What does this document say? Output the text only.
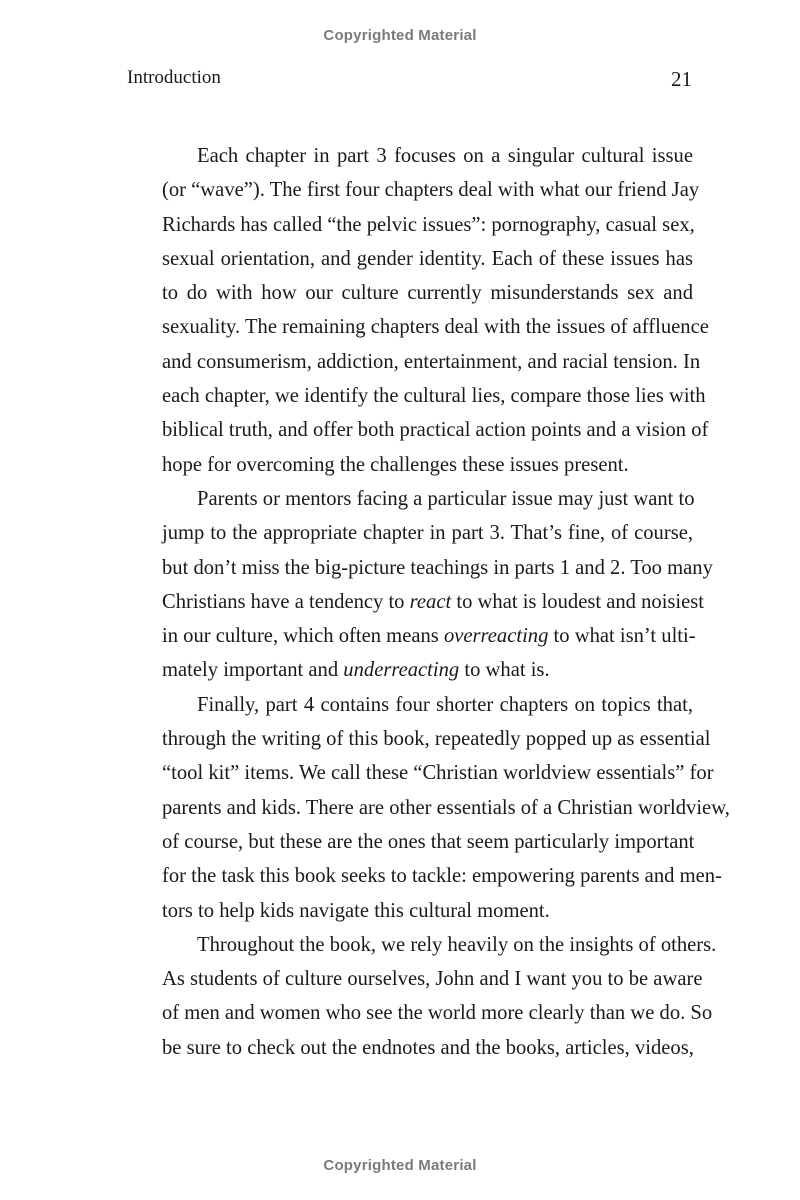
Copyrighted Material
Introduction	21

Each chapter in part 3 focuses on a singular cultural issue
(or “wave”). The first four chapters deal with what our friend Jay
Richards has called “the pelvic issues”: pornography, casual sex,
sexual orientation, and gender identity. Each of these issues has
to do with how our culture currently misunderstands sex and
sexuality. The remaining chapters deal with the issues of affluence
and consumerism, addiction, entertainment, and racial tension. In
each chapter, we identify the cultural lies, compare those lies with
biblical truth, and offer both practical action points and a vision of
hope for overcoming the challenges these issues present.

Parents or mentors facing a particular issue may just want to
jump to the appropriate chapter in part 3. That’s fine, of course,
but don’t miss the big-picture teachings in parts 1 and 2. Too many
Christians have a tendency to react to what is loudest and noisiest
in our culture, which often means overreacting to what isn’t ulti-
mately important and underreacting to what is.

Finally, part 4 contains four shorter chapters on topics that,
through the writing of this book, repeatedly popped up as essential
“tool kit” items. We call these “Christian worldview essentials” for
parents and kids. There are other essentials of a Christian worldview,
of course, but these are the ones that seem particularly important
for the task this book seeks to tackle: empowering parents and men-
tors to help kids navigate this cultural moment.

Throughout the book, we rely heavily on the insights of others.
As students of culture ourselves, John and I want you to be aware
of men and women who see the world more clearly than we do. So
be sure to check out the endnotes and the books, articles, videos,

Copyrighted Material
